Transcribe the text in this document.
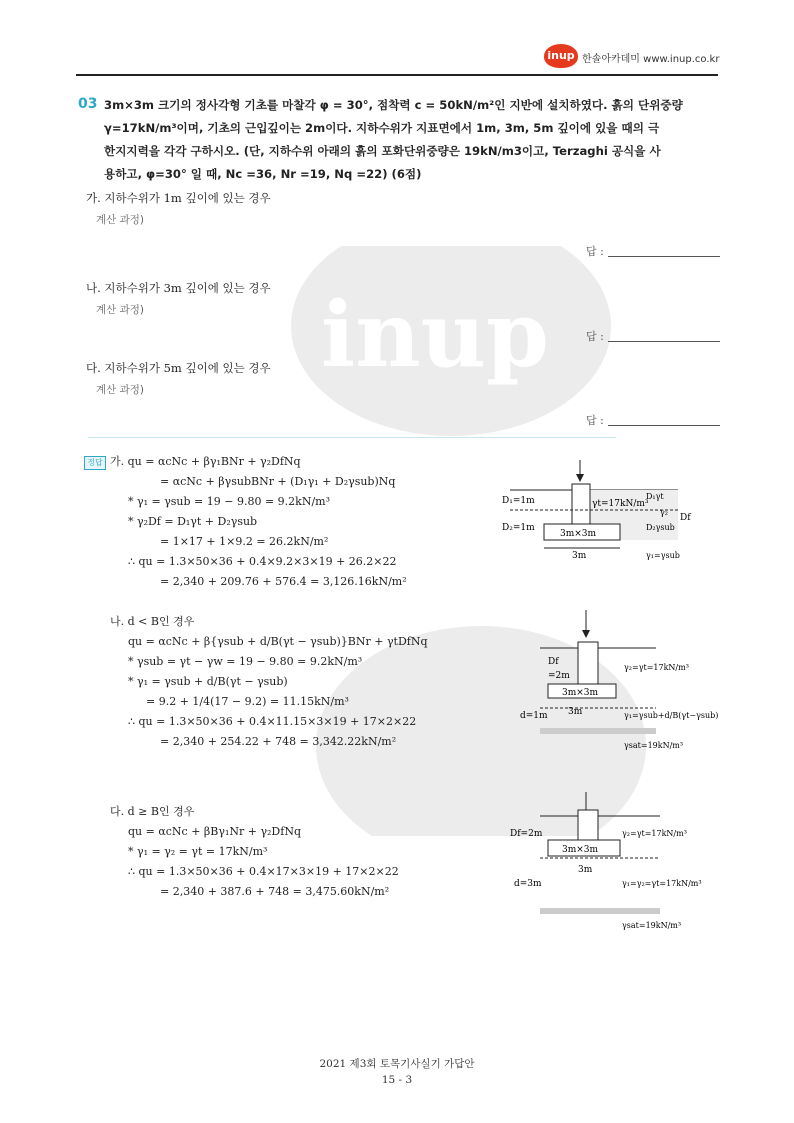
inup
inup 한솔아카데미 www.inup.co.kr
03 3m×3m 크기의 정사각형 기초를 마찰각 φ = 30°, 점착력 c = 50kN/m²인 지반에 설치하였다. 흙의 단위중량
γ=17kN/m³이며, 기초의 근입깊이는 2m이다. 지하수위가 지표면에서 1m, 3m, 5m 깊이에 있을 때의 극
한지지력을 각각 구하시오. (단, 지하수위 아래의 흙의 포화단위중량은 19kN/m3이고, Terzaghi 공식을 사
용하고, φ=30° 일 때, Nc =36, Nr =19, Nq =22) (6점)
가. 지하수위가 1m 깊이에 있는 경우
계산 과정)
답 :
나. 지하수위가 3m 깊이에 있는 경우
계산 과정)
답 :
다. 지하수위가 5m 깊이에 있는 경우
계산 과정)
답 :
정답 가. qu = αcNc + βγ₁BNr + γ₂DfNq
= αcNc + βγsubBNr + (D₁γ₁ + D₂γsub)Nq
* γ₁ = γsub = 19 − 9.80 = 9.2kN/m³
* γ₂Df = D₁γt + D₂γsub
= 1×17 + 1×9.2 = 26.2kN/m²
∴ qu = 1.3×50×36 + 0.4×9.2×3×19 + 26.2×22
= 2,340 + 209.76 + 576.4 = 3,126.16kN/m²
나. d < B인 경우
qu = αcNc + β{γsub + d/B(γt − γsub)}BNr + γtDfNq
* γsub = γt − γw = 19 − 9.80 = 9.2kN/m³
* γ₁ = γsub + d/B(γt − γsub)
= 9.2 + 1/4(17 − 9.2) = 11.15kN/m³
∴ qu = 1.3×50×36 + 0.4×11.15×3×19 + 17×2×22
= 2,340 + 254.22 + 748 = 3,342.22kN/m²
다. d ≥ B인 경우
qu = αcNc + βBγ₁Nr + γ₂DfNq
* γ₁ = γ₂ = γt = 17kN/m³
∴ qu = 1.3×50×36 + 0.4×17×3×19 + 17×2×22
= 2,340 + 387.6 + 748 = 3,475.60kN/m²
D₁=1m
D₂=1m
γt=17kN/m³
D₁γt
γ₂
Df
D₂γsub
3m×3m
3m	γ₁=γsub
Df
=2m
γ₂=γt=17kN/m³
3m×3m
3m
d=1m	γ₁=γsub+d/B(γt−γsub)
γsat=19kN/m³
Df=2m	γ₂=γt=17kN/m³
3m×3m
3m
d=3m	γ₁=γ₂=γt=17kN/m³
γsat=19kN/m³
2021 제3회 토목기사실기 가답안
15 - 3
